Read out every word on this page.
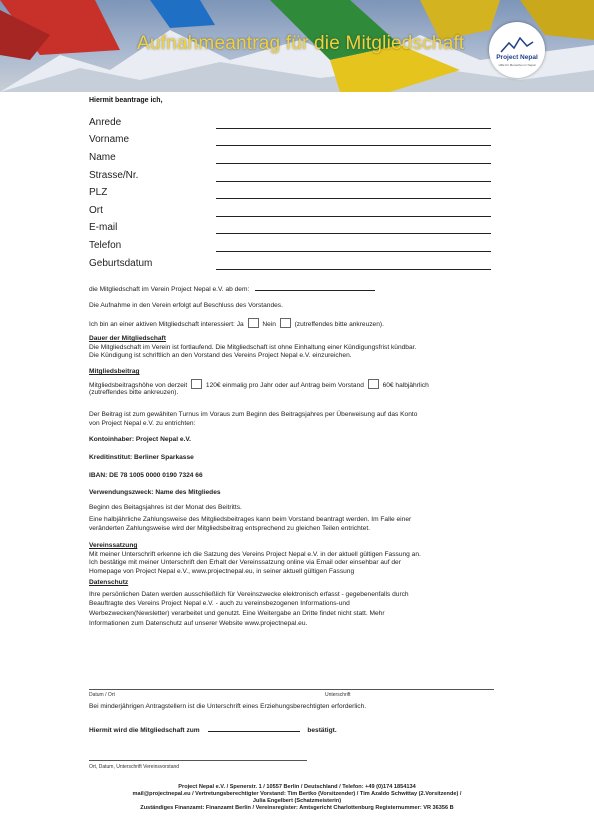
Aufnahmeantrag für die Mitgliedschaft
Project Nepal
Hilfe für Menschen in Nepal
Hiermit beantrage ich,
Anrede
Vorname
Name
Strasse/Nr.
PLZ
Ort
E-mail
Telefon
Geburtsdatum
die Mitgliedschaft im Verein Project Nepal e.V. ab dem:
Die Aufnahme in den Verein erfolgt auf Beschluss des Vorstandes.
Ich bin an einer aktiven Mitgliedschaft interessiert: Ja	Nein	(zutreffendes bitte ankreuzen).
Dauer der Mitgliedschaft
Die Mitgliedschaft im Verein ist fortlaufend. Die Mitgliedschaft ist ohne Einhaltung einer Kündigungsfrist kündbar.
Die Kündigung ist schriftlich an den Vorstand des Vereins Project Nepal e.V. einzureichen.
Mitgliedsbeitrag
Mitgliedsbeitragshöhe von derzeit	120€ einmalig pro Jahr oder auf Antrag beim Vorstand	60€ halbjährlich
(zutreffendes bitte ankreuzen).
Der Beitrag ist zum gewähiten Turnus im Voraus zum Beginn des Beitragsjahres per Überweisung auf das Konto
von Project Nepal e.V. zu entrichten:
Kontoinhaber: Project Nepal e.V.
Kreditinstitut: Berliner Sparkasse
IBAN: DE 78 1005 0000 0190 7324 66
Verwendungszweck: Name des Mitgliedes
Beginn des Beitagsjahres ist der Monat des Beitritts.
Eine halbjährliche Zahlungsweise des Mitgliedsbeitrages kann beim Vorstand beantragt werden. Im Falle einer
veränderten Zahlungsweise wird der Mitgliedsbeitrag entsprechend zu gleichen Teilen entrichtet.
Vereinssatzung
Mit meiner Unterschrift erkenne ich die Satzung des Vereins Project Nepal e.V. in der aktuell gültigen Fassung an.
Ich bestätige mit meiner Unterschrift den Erhalt der Vereinssatzung online via Email oder einsehbar auf der
Homepage von Project Nepal e.V., www.projectnepal.eu, in seiner aktuell gültigen Fassung
Datenschutz
Ihre persönlichen Daten werden ausschließlich für Vereinszwecke elektronisch erfasst - gegebenenfalls durch
Beauftragte des Vereins Project Nepal e.V. - auch zu vereinsbezogenen Informations-und
Werbezwecken(Newsletter) verarbeitet und genutzt. Eine Weitergabe an Dritte findet nicht statt. Mehr
Informationen zum Datenschutz auf unserer Website www.projectnepal.eu.
Datum / Ort	Unterschrift
Bei minderjährigen Antragstellern ist die Unterschrift eines Erziehungsberechtigten erforderlich.
Hiermit wird die Mitgliedschaft zum	bestätigt.
Ort, Datum, Unterschrift Vereinsvorstand
Project Nepal e.V. / Spenerstr. 1 / 10557 Berlin / Deutschland / Telefon: +49 (0)174 1854134
mail@projectnepal.eu / Vertretungsberechtigter Vorstand: Tim Bertko (Vorsitzender) / Tim Azaldo Schwittay (2.Vorsitzende) /
Julia Engelbert (Schatzmeisterin)
Zuständiges Finanzamt: Finanzamt Berlin / Vereinsregister: Amtsgericht Charlottenburg Registernummer: VR 36356 B
